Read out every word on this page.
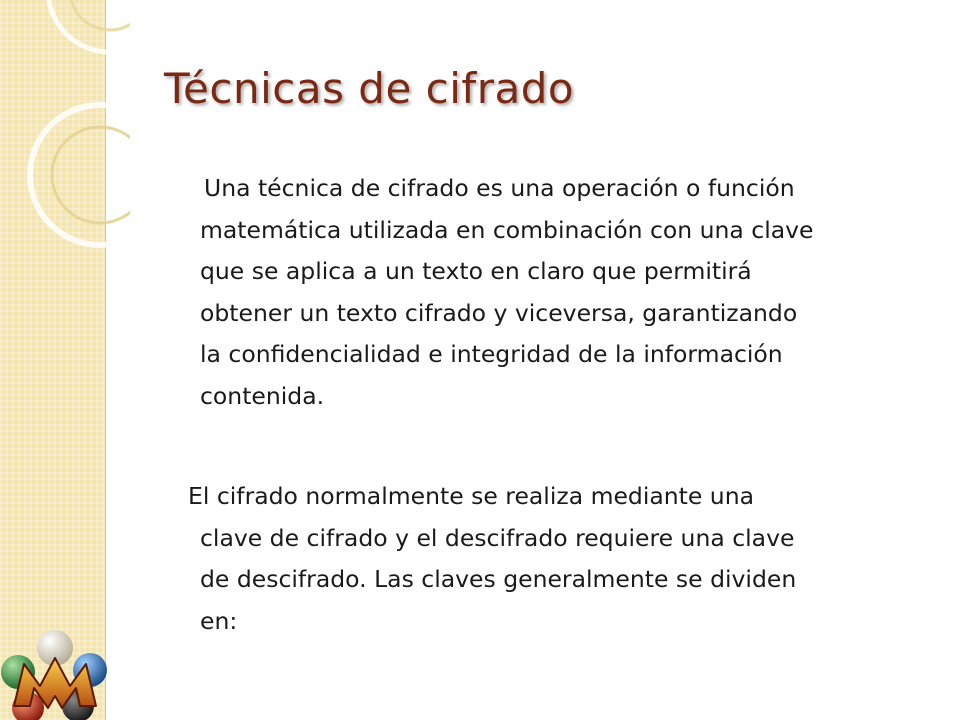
Técnicas de cifrado
Una técnica de cifrado es una operación o función
matemática utilizada en combinación con una clave
que se aplica a un texto en claro que permitirá
obtener un texto cifrado y viceversa, garantizando
la confidencialidad e integridad de la información
contenida.
El cifrado normalmente se realiza mediante una
clave de cifrado y el descifrado requiere una clave
de descifrado. Las claves generalmente se dividen
en:
